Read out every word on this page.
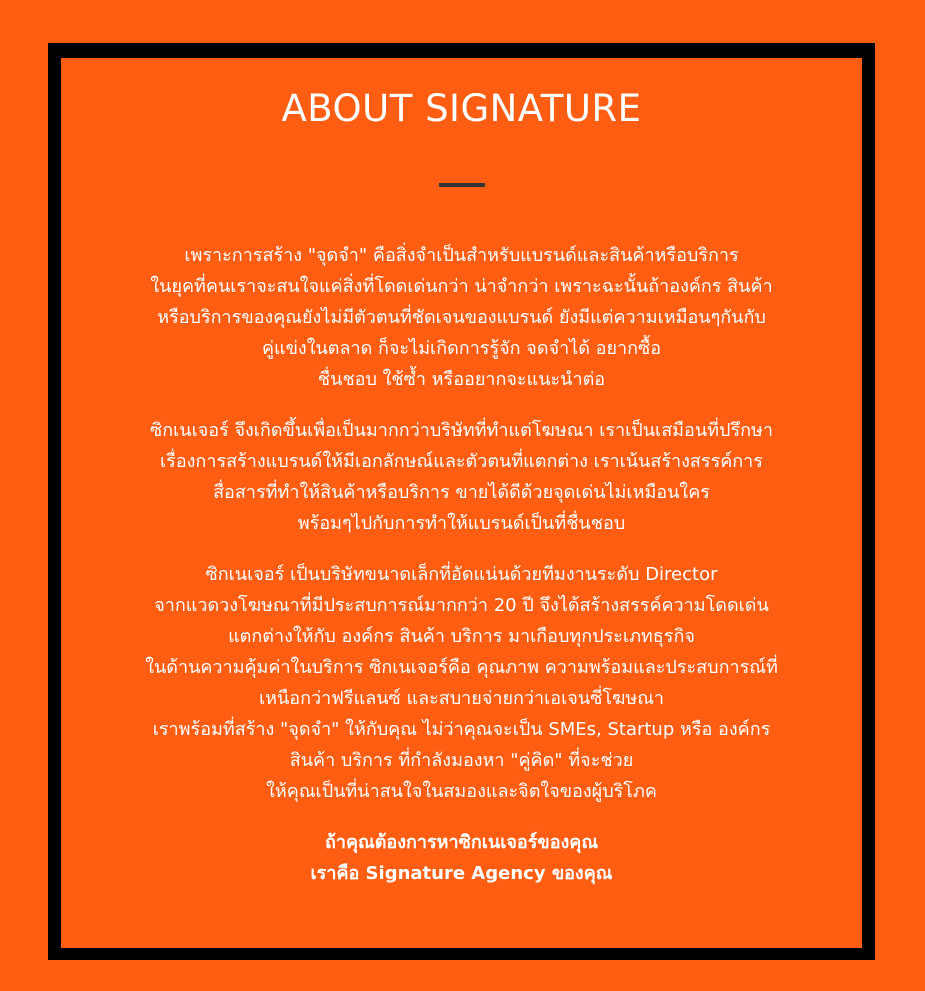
ABOUT SIGNATURE

เพราะการสร้าง "จุดจำ" คือสิ่งจำเป็นสำหรับแบรนด์และสินค้าหรือบริการ
ในยุคที่คนเราจะสนใจแค่สิ่งที่โดดเด่นกว่า น่าจำกว่า เพราะฉะนั้นถ้าองค์กร สินค้า
หรือบริการของคุณยังไม่มีตัวตนที่ชัดเจนของแบรนด์ ยังมีแต่ความเหมือนๆกันกับ
คู่แข่งในตลาด ก็จะไม่เกิดการรู้จัก จดจำได้ อยากซื้อ
ชื่นชอบ ใช้ซ้ำ หรืออยากจะแนะนำต่อ

ซิกเนเจอร์ จึงเกิดขึ้นเพื่อเป็นมากกว่าบริษัทที่ทำแต่โฆษณา เราเป็นเสมือนที่ปรึกษา
เรื่องการสร้างแบรนด์ให้มีเอกลักษณ์และตัวตนที่แตกต่าง เราเน้นสร้างสรรค์การ
สื่อสารที่ทำให้สินค้าหรือบริการ ขายได้ดีด้วยจุดเด่นไม่เหมือนใคร
พร้อมๆไปกับการทำให้แบรนด์เป็นที่ชื่นชอบ

ซิกเนเจอร์ เป็นบริษัทขนาดเล็กที่อัดแน่นด้วยทีมงานระดับ Director
จากแวดวงโฆษณาที่มีประสบการณ์มากกว่า 20 ปี จึงได้สร้างสรรค์ความโดดเด่น
แตกต่างให้กับ องค์กร สินค้า บริการ มาเกือบทุกประเภทธุรกิจ
ในด้านความคุ้มค่าในบริการ ซิกเนเจอร์คือ คุณภาพ ความพร้อมและประสบการณ์ที่
เหนือกว่าฟรีแลนซ์ และสบายจ่ายกว่าเอเจนซี่โฆษณา
เราพร้อมที่สร้าง "จุดจำ" ให้กับคุณ ไม่ว่าคุณจะเป็น SMEs, Startup หรือ องค์กร
สินค้า บริการ ที่กำลังมองหา "คู่คิด" ที่จะช่วย
ให้คุณเป็นที่น่าสนใจในสมองและจิตใจของผู้บริโภค

ถ้าคุณต้องการหาซิกเนเจอร์ของคุณ
เราคือ Signature Agency ของคุณ
